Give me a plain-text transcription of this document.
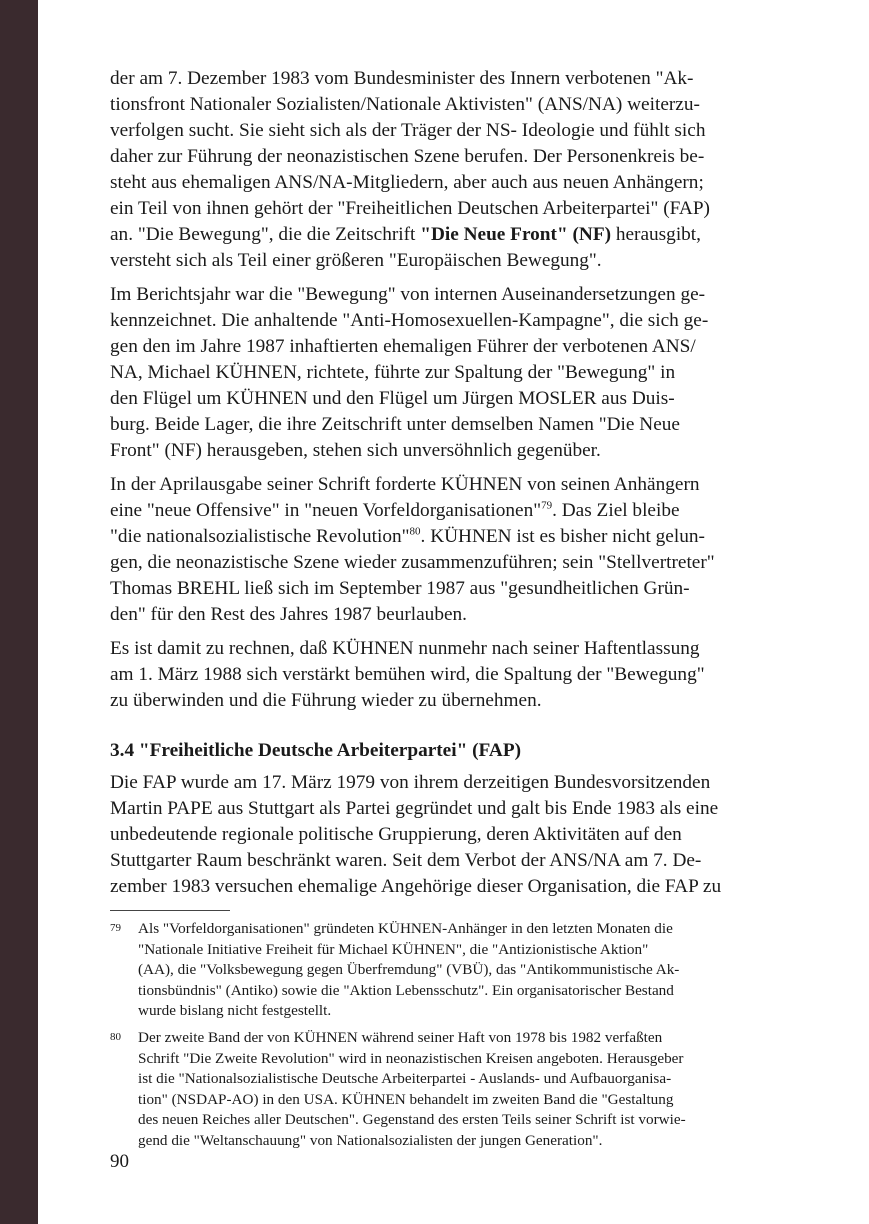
der am 7. Dezember 1983 vom Bundesminister des Innern verbotenen "Ak-
tionsfront Nationaler Sozialisten/Nationale Aktivisten" (ANS/NA) weiterzu-
verfolgen sucht. Sie sieht sich als der Träger der NS- Ideologie und fühlt sich
daher zur Führung der neonazistischen Szene berufen. Der Personenkreis be-
steht aus ehemaligen ANS/NA-Mitgliedern, aber auch aus neuen Anhängern;
ein Teil von ihnen gehört der "Freiheitlichen Deutschen Arbeiterpartei" (FAP)
an. "Die Bewegung", die die Zeitschrift "Die Neue Front" (NF) herausgibt,
versteht sich als Teil einer größeren "Europäischen Bewegung".
Im Berichtsjahr war die "Bewegung" von internen Auseinandersetzungen ge-
kennzeichnet. Die anhaltende "Anti-Homosexuellen-Kampagne", die sich ge-
gen den im Jahre 1987 inhaftierten ehemaligen Führer der verbotenen ANS/
NA, Michael KÜHNEN, richtete, führte zur Spaltung der "Bewegung" in
den Flügel um KÜHNEN und den Flügel um Jürgen MOSLER aus Duis-
burg. Beide Lager, die ihre Zeitschrift unter demselben Namen "Die Neue
Front" (NF) herausgeben, stehen sich unversöhnlich gegenüber.
In der Aprilausgabe seiner Schrift forderte KÜHNEN von seinen Anhängern
eine "neue Offensive" in "neuen Vorfeldorganisationen"$^{79}$. Das Ziel bleibe
"die nationalsozialistische Revolution"$^{80}$. KÜHNEN ist es bisher nicht gelun-
gen, die neonazistische Szene wieder zusammenzuführen; sein "Stellvertreter"
Thomas BREHL ließ sich im September 1987 aus "gesundheitlichen Grün-
den" für den Rest des Jahres 1987 beurlauben.
Es ist damit zu rechnen, daß KÜHNEN nunmehr nach seiner Haftentlassung
am 1. März 1988 sich verstärkt bemühen wird, die Spaltung der "Bewegung"
zu überwinden und die Führung wieder zu übernehmen.
3.4 "Freiheitliche Deutsche Arbeiterpartei" (FAP)
Die FAP wurde am 17. März 1979 von ihrem derzeitigen Bundesvorsitzenden
Martin PAPE aus Stuttgart als Partei gegründet und galt bis Ende 1983 als eine
unbedeutende regionale politische Gruppierung, deren Aktivitäten auf den
Stuttgarter Raum beschränkt waren. Seit dem Verbot der ANS/NA am 7. De-
zember 1983 versuchen ehemalige Angehörige dieser Organisation, die FAP zu
79	Als "Vorfeldorganisationen" gründeten KÜHNEN-Anhänger in den letzten Monaten die
"Nationale Initiative Freiheit für Michael KÜHNEN", die "Antizionistische Aktion"
(AA), die "Volksbewegung gegen Überfremdung" (VBÜ), das "Antikommunistische Ak-
tionsbündnis" (Antiko) sowie die "Aktion Lebensschutz". Ein organisatorischer Bestand
wurde bislang nicht festgestellt.
80	Der zweite Band der von KÜHNEN während seiner Haft von 1978 bis 1982 verfaßten
Schrift "Die Zweite Revolution" wird in neonazistischen Kreisen angeboten. Herausgeber
ist die "Nationalsozialistische Deutsche Arbeiterpartei - Auslands- und Aufbauorganisa-
tion" (NSDAP-AO) in den USA. KÜHNEN behandelt im zweiten Band die "Gestaltung
des neuen Reiches aller Deutschen". Gegenstand des ersten Teils seiner Schrift ist vorwie-
gend die "Weltanschauung" von Nationalsozialisten der jungen Generation".
90
